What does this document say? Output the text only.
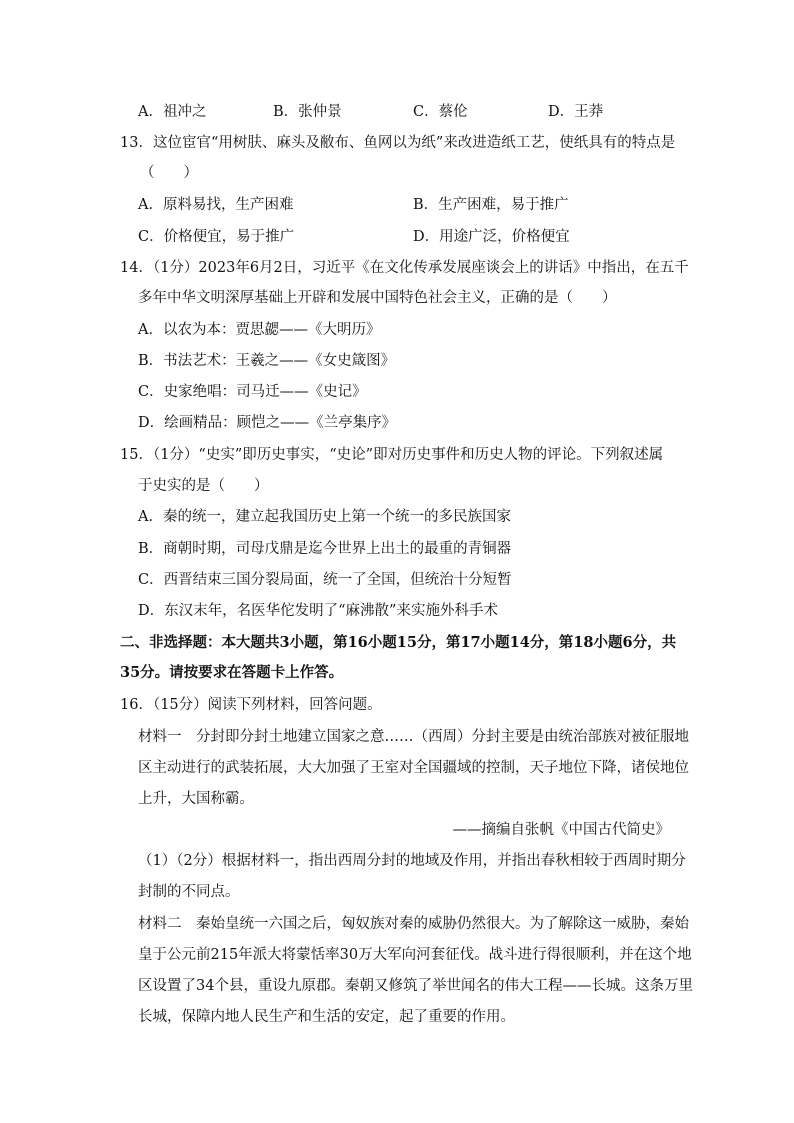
A．祖冲之	B．张仲景	C．蔡伦	D．王莽
13．这位宦官“用树肤、麻头及敝布、鱼网以为纸”来改进造纸工艺，使纸具有的特点是
（　　）
A．原料易找，生产困难	B．生产困难，易于推广
C．价格便宜，易于推广	D．用途广泛，价格便宜
14．（1分）2023年6月2日，习近平《在文化传承发展座谈会上的讲话》中指出，在五千
多年中华文明深厚基础上开辟和发展中国特色社会主义，正确的是（　　）
A．以农为本：贾思勰——《大明历》
B．书法艺术：王羲之——《女史箴图》
C．史家绝唱：司马迁——《史记》
D．绘画精品：顾恺之——《兰亭集序》
15．（1分）“史实”即历史事实，“史论”即对历史事件和历史人物的评论。下列叙述属
于史实的是（　　）
A．秦的统一，建立起我国历史上第一个统一的多民族国家
B．商朝时期，司母戊鼎是迄今世界上出土的最重的青铜器
C．西晋结束三国分裂局面，统一了全国，但统治十分短暂
D．东汉末年，名医华佗发明了“麻沸散”来实施外科手术
二、非选择题：本大题共3小题，第16小题15分，第17小题14分，第18小题6分，共
35分。请按要求在答题卡上作答。
16．（15分）阅读下列材料，回答问题。
材料一　分封即分封土地建立国家之意……（西周）分封主要是由统治部族对被征服地
区主动进行的武装拓展，大大加强了王室对全国疆域的控制，天子地位下降，诸侯地位
上升，大国称霸。
——摘编自张帆《中国古代简史》
（1）（2分）根据材料一，指出西周分封的地域及作用，并指出春秋相较于西周时期分
封制的不同点。
材料二　秦始皇统一六国之后，匈奴族对秦的威胁仍然很大。为了解除这一威胁，秦始
皇于公元前215年派大将蒙恬率30万大军向河套征伐。战斗进行得很顺利，并在这个地
区设置了34个县，重设九原郡。秦朝又修筑了举世闻名的伟大工程——长城。这条万里
长城，保障内地人民生产和生活的安定，起了重要的作用。
